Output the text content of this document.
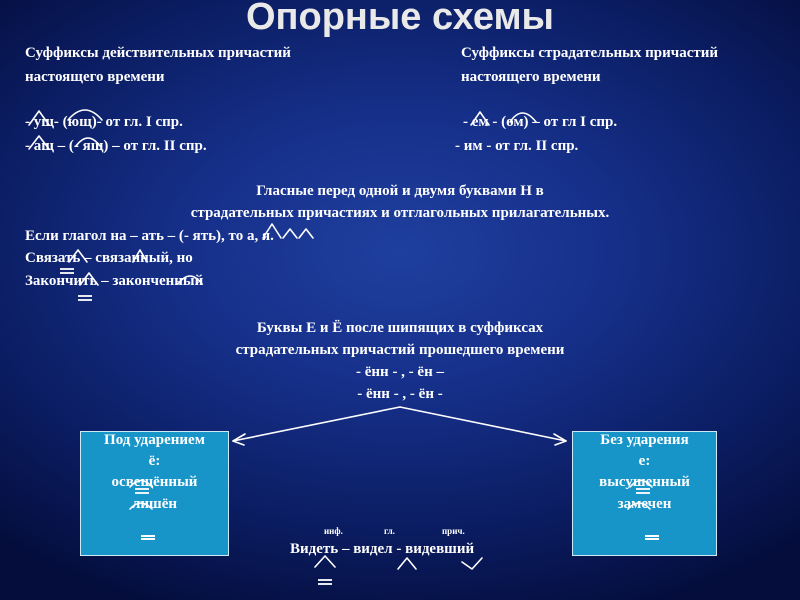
Опорные схемы
Суффиксы действительных причастий
настоящего времени
- ущ- (ющ)- от гл. I спр.
- ащ – (- ящ) – от гл. II спр.
Суффиксы страдательных причастий
настоящего времени
- ем - (ом) – от гл I спр.
- им - от гл. II спр.
Гласные перед одной и двумя буквами Н в
страдательных причастиях и отглагольных прилагательных.
Если глагол на – ать – (- ять), то а, я.
Связать – связанный, но
Закончить – законченный
Буквы Е и Ё после шипящих в суффиксах
страдательных причастий прошедшего времени
- ённ - , - ён –
- ённ - , - ён -
Под ударением
ё:
освещённый
лишён
Без ударения
е:
высушенный
замечен
инф.	гл.	прич.
Видеть – видел - видевший
